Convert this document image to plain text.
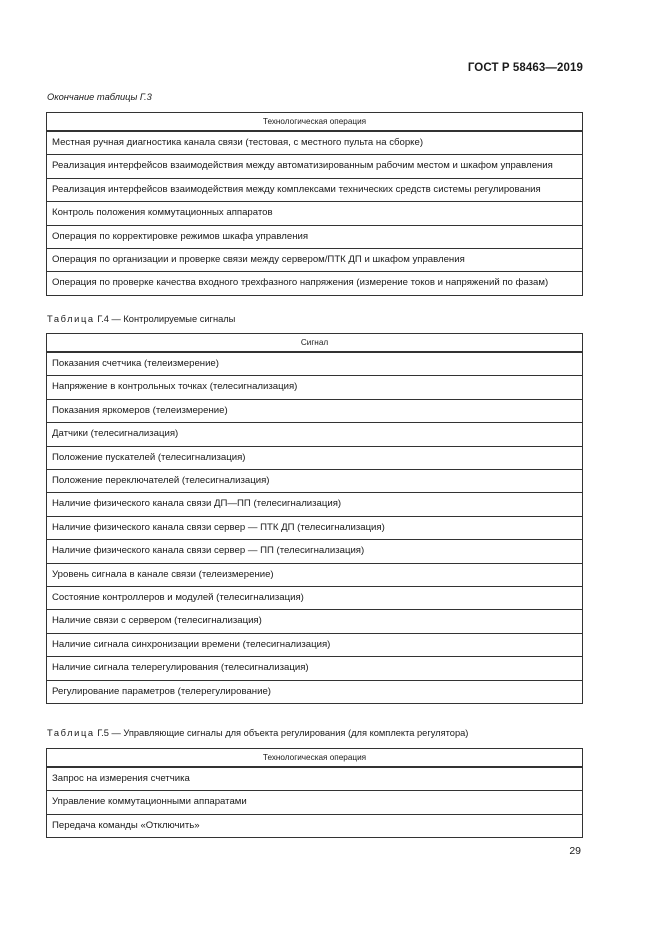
ГОСТ Р 58463—2019
Окончание таблицы Г.3
Технологическая операция
Местная ручная диагностика канала связи (тестовая, с местного пульта на сборке)
Реализация интерфейсов взаимодействия между автоматизированным рабочим местом и шкафом управления
Реализация интерфейсов взаимодействия между комплексами технических средств системы регулирования
Контроль положения коммутационных аппаратов
Операция по корректировке режимов шкафа управления
Операция по организации и проверке связи между сервером/ПТК ДП и шкафом управления
Операция по проверке качества входного трехфазного напряжения (измерение токов и напряжений по фазам)
Таблица Г.4 — Контролируемые сигналы
Сигнал
Показания счетчика (телеизмерение)
Напряжение в контрольных точках (телесигнализация)
Показания яркомеров (телеизмерение)
Датчики (телесигнализация)
Положение пускателей (телесигнализация)
Положение переключателей (телесигнализация)
Наличие физического канала связи ДП—ПП (телесигнализация)
Наличие физического канала связи сервер — ПТК ДП (телесигнализация)
Наличие физического канала связи сервер — ПП (телесигнализация)
Уровень сигнала в канале связи (телеизмерение)
Состояние контроллеров и модулей (телесигнализация)
Наличие связи с сервером (телесигнализация)
Наличие сигнала синхронизации времени (телесигнализация)
Наличие сигнала телерегулирования (телесигнализация)
Регулирование параметров (телерегулирование)
Таблица Г.5 — Управляющие сигналы для объекта регулирования (для комплекта регулятора)
Технологическая операция
Запрос на измерения счетчика
Управление коммутационными аппаратами
Передача команды «Отключить»
29
